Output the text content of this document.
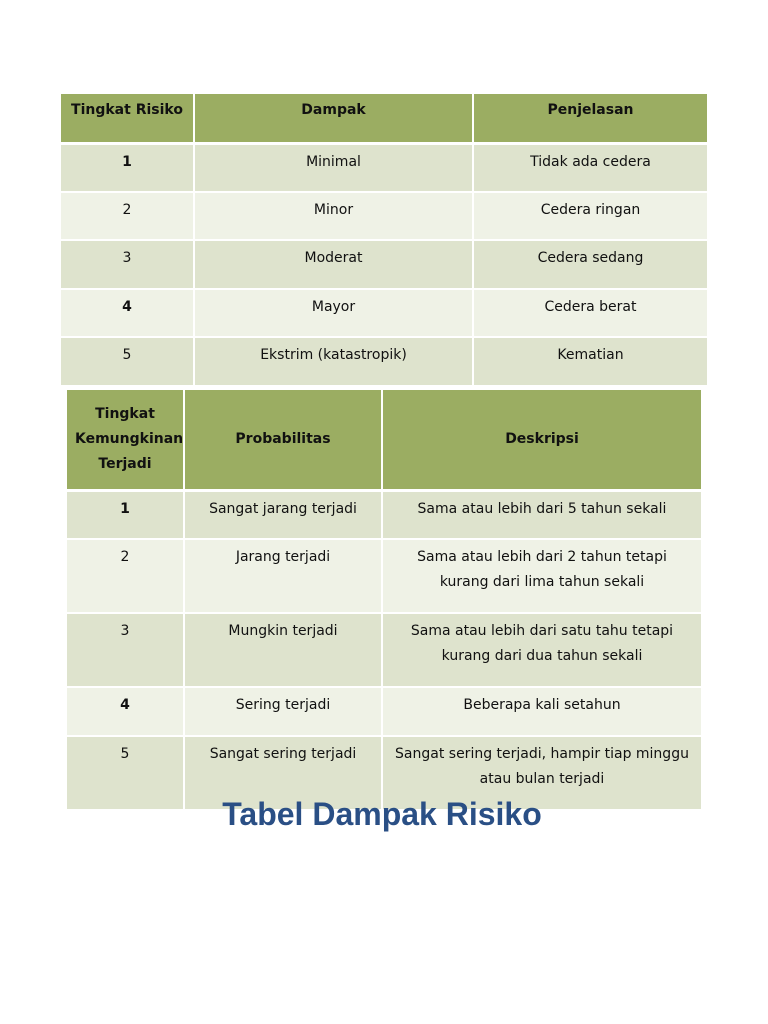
Tingkat Risiko	Dampak	Penjelasan
1	Minimal	Tidak ada cedera
2	Minor	Cedera ringan
3	Moderat	Cedera sedang
4	Mayor	Cedera berat
5	Ekstrim (katastropik)	Kematian
Tingkat Kemungkinan Terjadi	Probabilitas	Deskripsi
1	Sangat jarang terjadi	Sama atau lebih dari 5 tahun sekali
2	Jarang terjadi	Sama atau lebih dari 2 tahun tetapi kurang dari lima tahun sekali
3	Mungkin terjadi	Sama atau lebih dari satu tahu tetapi kurang dari dua tahun sekali
4	Sering terjadi	Beberapa kali setahun
5	Sangat sering terjadi	Sangat sering terjadi, hampir tiap minggu atau bulan terjadi
Tabel Dampak Risiko
